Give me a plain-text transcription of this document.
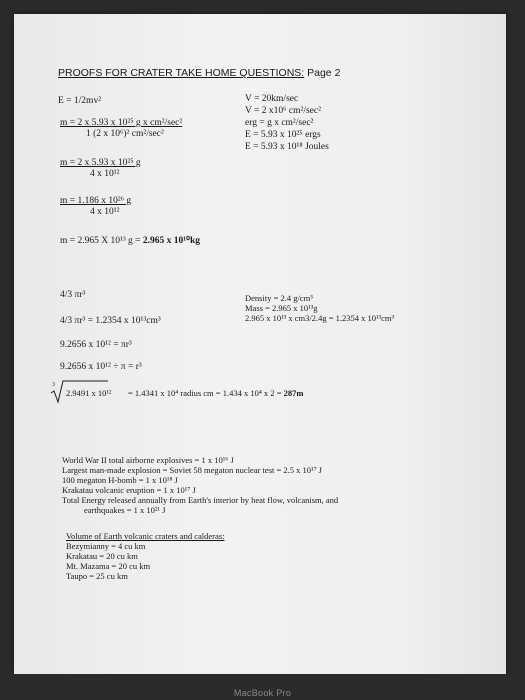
PROOFS FOR CRATER TAKE HOME QUESTIONS: Page 2
E = 1/2mv²
m = 2 x 5.93 x 10²⁵ g x cm²/sec²
1 (2 x 10⁶)² cm²/sec²
m = 2 x 5.93 x 10²⁵ g
4 x 10¹²
m = 1.186 x 10²⁶ g
4 x 10¹²
m = 2.965 X 10¹³ g = 2.965 x 10¹⁰kg
V = 20km/sec
V = 2 x10⁶ cm²/sec²
erg = g x cm²/sec²
E = 5.93 x 10²⁵ ergs
E = 5.93 x 10¹⁸ Joules
4/3 πr³
4/3 πr³ = 1.2354 x 10¹³cm³
9.2656 x 10¹² = πr³
9.2656 x 10¹² ÷ π = r³
Density = 2.4 g/cm³
Mass = 2.965 x 10¹³g
2.965 x 10¹³ x cm3/2.4g = 1.2354 x 10¹³cm³
3
2.9491 x 10¹² = 1.4341 x 10⁴ radius cm = 1.434 x 10⁴ x 2 = 287m
World War II total airborne explosives = 1 x 10¹⁶ J
Largest man-made explosion = Soviet 58 megaton nuclear test = 2.5 x 10¹⁷ J
100 megaton H-bomb = 1 x 10¹⁸ J
Krakatau volcanic eruption = 1 x 10¹⁷ J
Total Energy released annually from Earth's interior by heat flow, volcanism, and
earthquakes = 1 x 10²¹ J
Volume of Earth volcanic craters and calderas:
Bezymianny = 4 cu km
Krakatau = 20 cu km
Mt. Mazama = 20 cu km
Taupo = 25 cu km
MacBook Pro
